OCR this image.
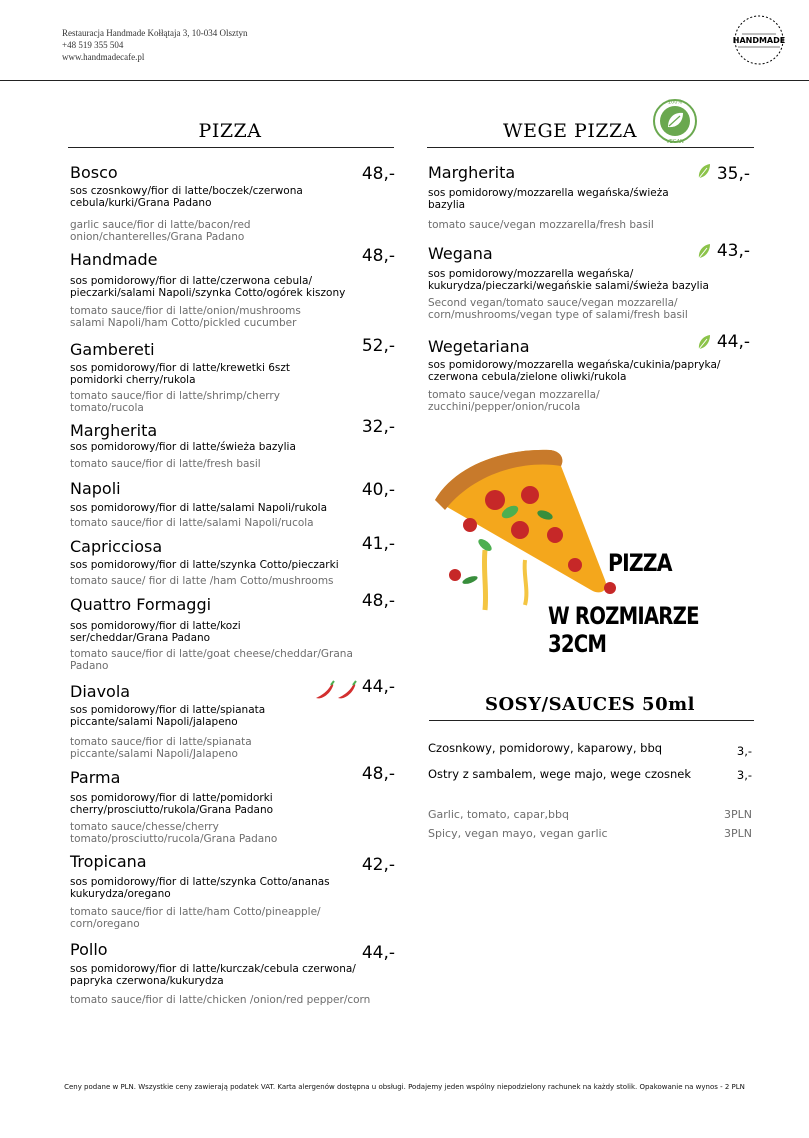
Restauracja Handmade Kołłątaja 3, 10-034 Olsztyn
+48 519 355 504
www.handmadecafe.pl
HANDMADE
PIZZA	WEGE PIZZA
100%
VEGAN
Bosco	48,-
sos czosnkowy/fior di latte/boczek/czerwona cebula/kurki/Grana Padano
garlic sauce/fior di latte/bacon/red onion/chanterelles/Grana Padano
Handmade	48,-
sos pomidorowy/fior di latte/czerwona cebula/ pieczarki/salami Napoli/szynka Cotto/ogórek kiszony
tomato sauce/fior di latte/onion/mushrooms salami Napoli/ham Cotto/pickled cucumber
Gambereti	52,-
sos pomidorowy/fior di latte/krewetki 6szt pomidorki cherry/rukola
tomato sauce/fior di latte/shrimp/cherry tomato/rucola
Margherita	32,-
sos pomidorowy/fior di latte/świeża bazylia
tomato sauce/fior di latte/fresh basil
Napoli	40,-
sos pomidorowy/fior di latte/salami Napoli/rukola
tomato sauce/fior di latte/salami Napoli/rucola
Capricciosa	41,-
sos pomidorowy/fior di latte/szynka Cotto/pieczarki
tomato sauce/ fior di latte /ham Cotto/mushrooms
Quattro Formaggi	48,-
sos pomidorowy/fior di latte/kozi ser/cheddar/Grana Padano
tomato sauce/fior di latte/goat cheese/cheddar/Grana Padano
Diavola	44,-
sos pomidorowy/fior di latte/spianata piccante/salami Napoli/jalapeno
tomato sauce/fior di latte/spianata piccante/salami Napoli/Jalapeno
Parma	48,-
sos pomidorowy/fior di latte/pomidorki cherry/prosciutto/rukola/Grana Padano
tomato sauce/chesse/cherry tomato/prosciutto/rucola/Grana Padano
Tropicana	42,-
sos pomidorowy/fior di latte/szynka Cotto/ananas kukurydza/oregano
tomato sauce/fior di latte/ham Cotto/pineapple/ corn/oregano
Pollo	44,-
sos pomidorowy/fior di latte/kurczak/cebula czerwona/ papryka czerwona/kukurydza
tomato sauce/fior di latte/chicken /onion/red pepper/corn
Margherita	35,-
sos pomidorowy/mozzarella wegańska/świeża bazylia
tomato sauce/vegan mozzarella/fresh basil
Wegana	43,-
sos pomidorowy/mozzarella wegańska/ kukurydza/pieczarki/wegańskie salami/świeża bazylia
Second vegan/tomato sauce/vegan mozzarella/ corn/mushrooms/vegan type of salami/fresh basil
Wegetariana	44,-
sos pomidorowy/mozzarella wegańska/cukinia/papryka/ czerwona cebula/zielone oliwki/rukola
tomato sauce/vegan mozzarella/ zucchini/pepper/onion/rucola
PIZZA
W ROZMIARZE 32CM
SOSY/SAUCES 50ml
Czosnkowy, pomidorowy, kaparowy, bbq	3,-
Ostry z sambalem, wege majo, wege czosnek	3,-
Garlic, tomato, capar,bbq	3PLN
Spicy, vegan mayo, vegan garlic	3PLN
Ceny podane w PLN. Wszystkie ceny zawierają podatek VAT. Karta alergenów dostępna u obsługi. Podajemy jeden wspólny niepodzielony rachunek na każdy stolik. Opakowanie na wynos - 2 PLN
